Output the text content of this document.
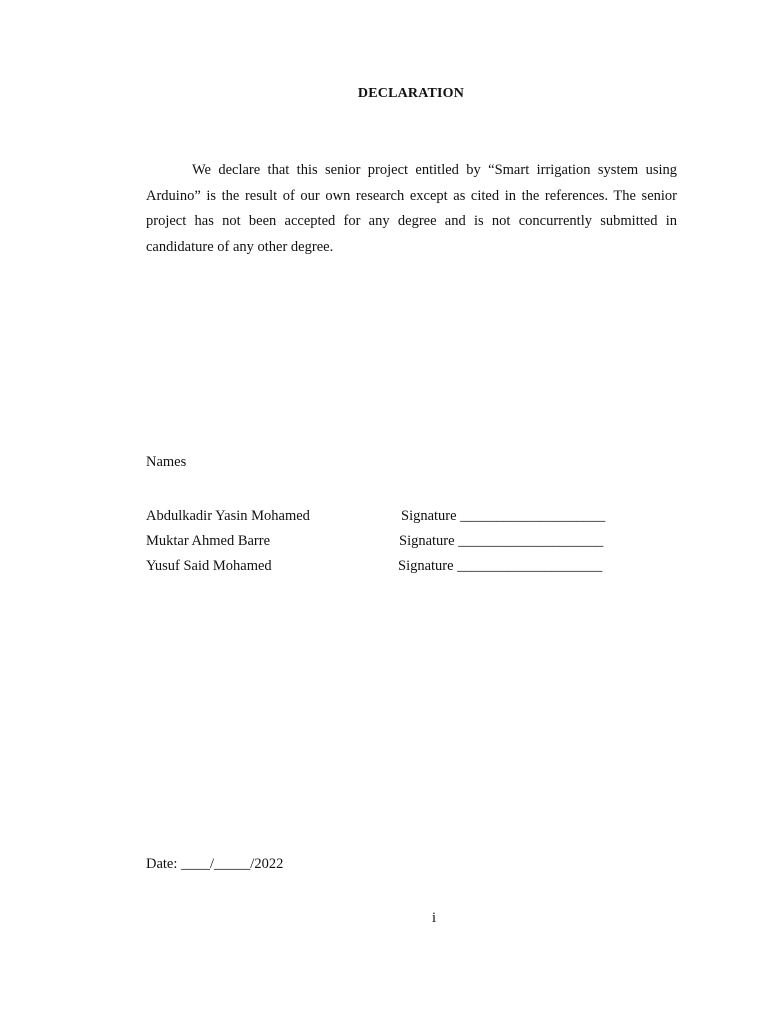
DECLARATION
We declare that this senior project entitled by “Smart irrigation system using Arduino” is the result of our own research except as cited in the references. The senior project has not been accepted for any degree and is not concurrently submitted in candidature of any other degree.
Names
Abdulkadir Yasin Mohamed	Signature ____________________
Muktar Ahmed Barre	Signature ____________________
Yusuf Said Mohamed	Signature ____________________
Date: ____/_____/2022
i
